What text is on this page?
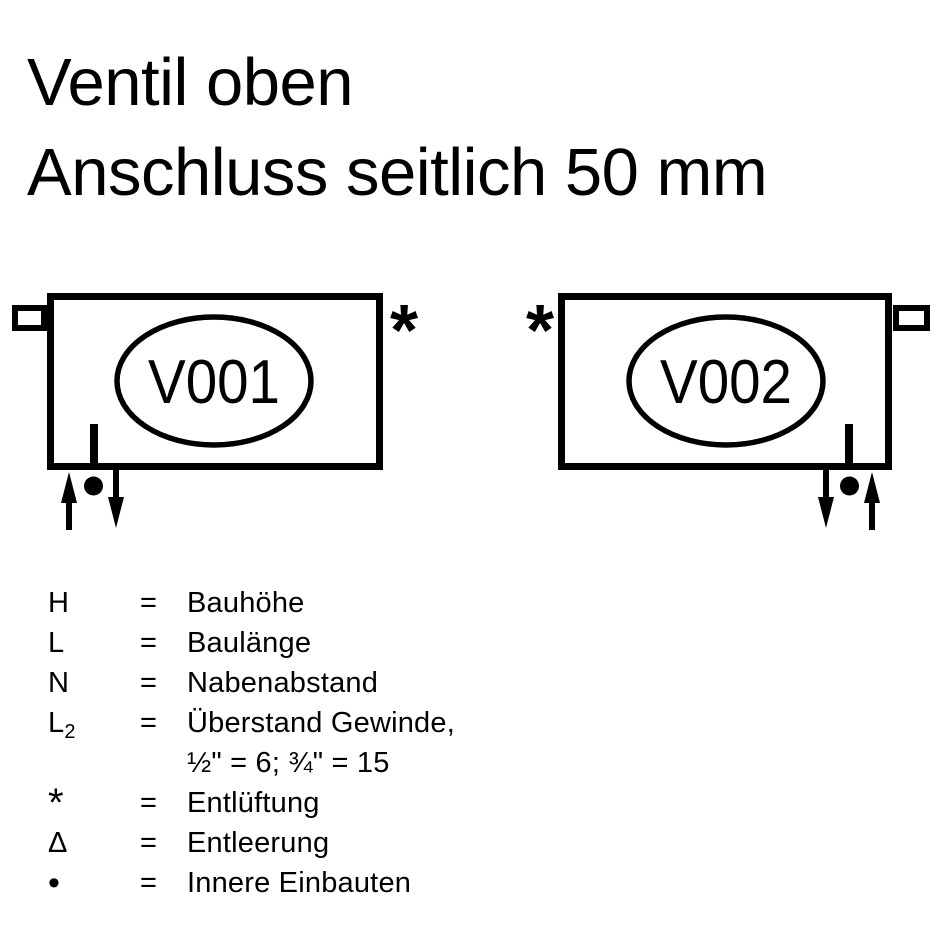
Ventil oben
Anschluss seitlich 50 mm
V001
*
V002
*
H	=	Bauhöhe
L	=	Baulänge
N	=	Nabenabstand
$L_2$	=	Überstand Gewinde,
½" = 6; ¾" = 15
*	=	Entlüftung
Δ	=	Entleerung
•	=	Innere Einbauten
